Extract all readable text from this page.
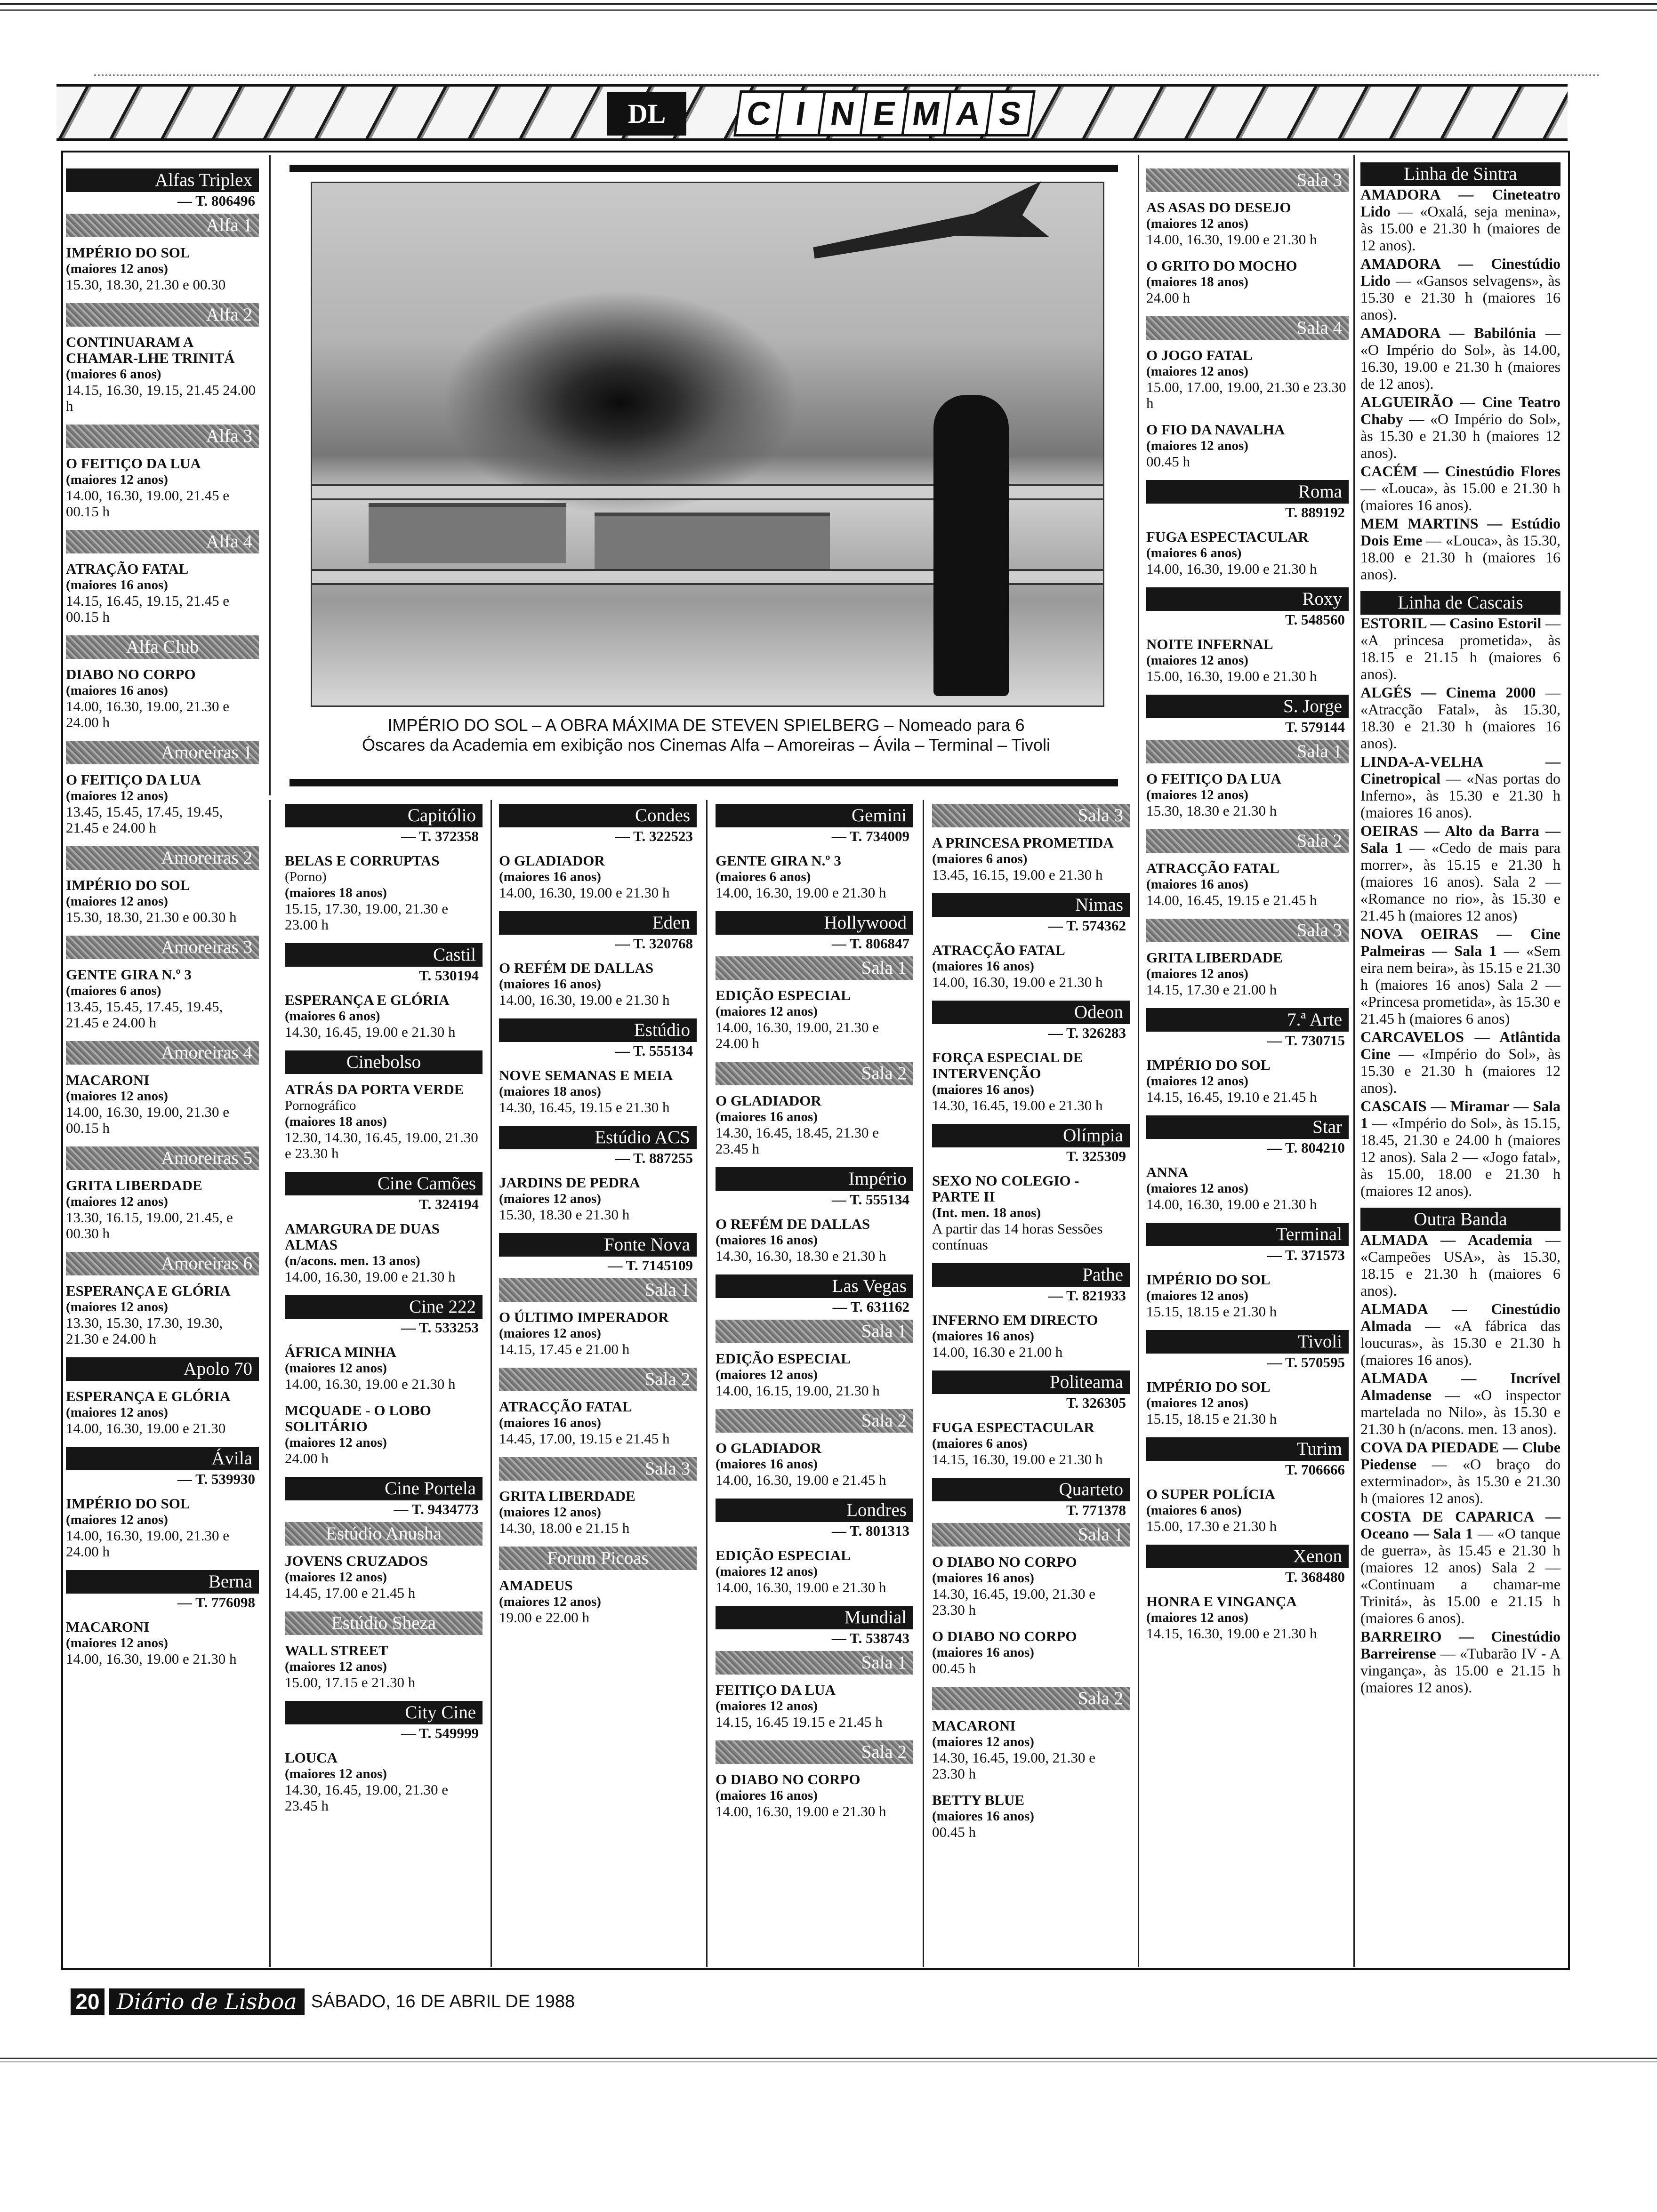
DL	C I N E M A S
IMPÉRIO DO SOL – A OBRA MÁXIMA DE STEVEN SPIELBERG – Nomeado para 6
Óscares da Academia em exibição nos Cinemas Alfa – Amoreiras – Ávila – Terminal – Tivoli
Alfas Triplex
— T. 806496
Alfa 1
IMPÉRIO DO SOL
(maiores 12 anos)
15.30, 18.30, 21.30 e 00.30
Alfa 2
CONTINUARAM A CHAMAR-LHE TRINITÁ
(maiores 6 anos)
14.15, 16.30, 19.15, 21.45 24.00 h
Alfa 3
O FEITIÇO DA LUA
(maiores 12 anos)
14.00, 16.30, 19.00, 21.45 e 00.15 h
Alfa 4
ATRAÇÃO FATAL
(maiores 16 anos)
14.15, 16.45, 19.15, 21.45 e 00.15 h
Alfa Club
DIABO NO CORPO
(maiores 16 anos)
14.00, 16.30, 19.00, 21.30 e 24.00 h
Amoreiras 1
O FEITIÇO DA LUA
(maiores 12 anos)
13.45, 15.45, 17.45, 19.45, 21.45 e 24.00 h
Amoreiras 2
IMPÉRIO DO SOL
(maiores 12 anos)
15.30, 18.30, 21.30 e 00.30 h
Amoreiras 3
GENTE GIRA N.º 3
(maiores 6 anos)
13.45, 15.45, 17.45, 19.45, 21.45 e 24.00 h
Amoreiras 4
MACARONI
(maiores 12 anos)
14.00, 16.30, 19.00, 21.30 e 00.15 h
Amoreiras 5
GRITA LIBERDADE
(maiores 12 anos)
13.30, 16.15, 19.00, 21.45, e 00.30 h
Amoreiras 6
ESPERANÇA E GLÓRIA
(maiores 12 anos)
13.30, 15.30, 17.30, 19.30, 21.30 e 24.00 h
Apolo 70
ESPERANÇA E GLÓRIA
(maiores 12 anos)
14.00, 16.30, 19.00 e 21.30
Ávila
— T. 539930
IMPÉRIO DO SOL
(maiores 12 anos)
14.00, 16.30, 19.00, 21.30 e 24.00 h
Berna
— T. 776098
MACARONI
(maiores 12 anos)
14.00, 16.30, 19.00 e 21.30 h
Capitólio
— T. 372358
BELAS E CORRUPTAS
(Porno)
(maiores 18 anos)
15.15, 17.30, 19.00, 21.30 e 23.00 h
Castil
T. 530194
ESPERANÇA E GLÓRIA
(maiores 6 anos)
14.30, 16.45, 19.00 e 21.30 h
Cinebolso
ATRÁS DA PORTA VERDE
Pornográfico
(maiores 18 anos)
12.30, 14.30, 16.45, 19.00, 21.30 e 23.30 h
Cine Camões
T. 324194
AMARGURA DE DUAS ALMAS
(n/acons. men. 13 anos)
14.00, 16.30, 19.00 e 21.30 h
Cine 222
— T. 533253
ÁFRICA MINHA
(maiores 12 anos)
14.00, 16.30, 19.00 e 21.30 h
MCQUADE - O LOBO SOLITÁRIO
(maiores 12 anos)
24.00 h
Cine Portela
— T. 9434773
Estúdio Anusha
JOVENS CRUZADOS
(maiores 12 anos)
14.45, 17.00 e 21.45 h
Estúdio Sheza
WALL STREET
(maiores 12 anos)
15.00, 17.15 e 21.30 h
City Cine
— T. 549999
LOUCA
(maiores 12 anos)
14.30, 16.45, 19.00, 21.30 e 23.45 h
Condes
— T. 322523
O GLADIADOR
(maiores 16 anos)
14.00, 16.30, 19.00 e 21.30 h
Eden
— T. 320768
O REFÉM DE DALLAS
(maiores 16 anos)
14.00, 16.30, 19.00 e 21.30 h
Estúdio
— T. 555134
NOVE SEMANAS E MEIA
(maiores 18 anos)
14.30, 16.45, 19.15 e 21.30 h
Estúdio ACS
— T. 887255
JARDINS DE PEDRA
(maiores 12 anos)
15.30, 18.30 e 21.30 h
Fonte Nova
— T. 7145109
Sala 1
O ÚLTIMO IMPERADOR
(maiores 12 anos)
14.15, 17.45 e 21.00 h
Sala 2
ATRACÇÃO FATAL
(maiores 16 anos)
14.45, 17.00, 19.15 e 21.45 h
Sala 3
GRITA LIBERDADE
(maiores 12 anos)
14.30, 18.00 e 21.15 h
Forum Picoas
AMADEUS
(maiores 12 anos)
19.00 e 22.00 h
Gemini
— T. 734009
GENTE GIRA N.º 3
(maiores 6 anos)
14.00, 16.30, 19.00 e 21.30 h
Hollywood
— T. 806847
Sala 1
EDIÇÃO ESPECIAL
(maiores 12 anos)
14.00, 16.30, 19.00, 21.30 e 24.00 h
Sala 2
O GLADIADOR
(maiores 16 anos)
14.30, 16.45, 18.45, 21.30 e 23.45 h
Império
— T. 555134
O REFÉM DE DALLAS
(maiores 16 anos)
14.30, 16.30, 18.30 e 21.30 h
Las Vegas
— T. 631162
Sala 1
EDIÇÃO ESPECIAL
(maiores 12 anos)
14.00, 16.15, 19.00, 21.30 h
Sala 2
O GLADIADOR
(maiores 16 anos)
14.00, 16.30, 19.00 e 21.45 h
Londres
— T. 801313
EDIÇÃO ESPECIAL
(maiores 12 anos)
14.00, 16.30, 19.00 e 21.30 h
Mundial
— T. 538743
Sala 1
FEITIÇO DA LUA
(maiores 12 anos)
14.15, 16.45 19.15 e 21.45 h
Sala 2
O DIABO NO CORPO
(maiores 16 anos)
14.00, 16.30, 19.00 e 21.30 h
Sala 3
A PRINCESA PROMETIDA
(maiores 6 anos)
13.45, 16.15, 19.00 e 21.30 h
Nimas
— T. 574362
ATRACÇÃO FATAL
(maiores 16 anos)
14.00, 16.30, 19.00 e 21.30 h
Odeon
— T. 326283
FORÇA ESPECIAL DE INTERVENÇÃO
(maiores 16 anos)
14.30, 16.45, 19.00 e 21.30 h
Olímpia
T. 325309
SEXO NO COLEGIO - PARTE II
(Int. men. 18 anos)
A partir das 14 horas Sessões contínuas
Pathe
— T. 821933
INFERNO EM DIRECTO
(maiores 16 anos)
14.00, 16.30 e 21.00 h
Politeama
T. 326305
FUGA ESPECTACULAR
(maiores 6 anos)
14.15, 16.30, 19.00 e 21.30 h
Quarteto
T. 771378
Sala 1
O DIABO NO CORPO
(maiores 16 anos)
14.30, 16.45, 19.00, 21.30 e 23.30 h
O DIABO NO CORPO
(maiores 16 anos)
00.45 h
Sala 2
MACARONI
(maiores 12 anos)
14.30, 16.45, 19.00, 21.30 e 23.30 h
BETTY BLUE
(maiores 16 anos)
00.45 h
Sala 3
AS ASAS DO DESEJO
(maiores 12 anos)
14.00, 16.30, 19.00 e 21.30 h
O GRITO DO MOCHO
(maiores 18 anos)
24.00 h
Sala 4
O JOGO FATAL
(maiores 12 anos)
15.00, 17.00, 19.00, 21.30 e 23.30 h
O FIO DA NAVALHA
(maiores 12 anos)
00.45 h
Roma
T. 889192
FUGA ESPECTACULAR
(maiores 6 anos)
14.00, 16.30, 19.00 e 21.30 h
Roxy
T. 548560
NOITE INFERNAL
(maiores 12 anos)
15.00, 16.30, 19.00 e 21.30 h
S. Jorge
T. 579144
Sala 1
O FEITIÇO DA LUA
(maiores 12 anos)
15.30, 18.30 e 21.30 h
Sala 2
ATRACÇÃO FATAL
(maiores 16 anos)
14.00, 16.45, 19.15 e 21.45 h
Sala 3
GRITA LIBERDADE
(maiores 12 anos)
14.15, 17.30 e 21.00 h
7.ª Arte
— T. 730715
IMPÉRIO DO SOL
(maiores 12 anos)
14.15, 16.45, 19.10 e 21.45 h
Star
— T. 804210
ANNA
(maiores 12 anos)
14.00, 16.30, 19.00 e 21.30 h
Terminal
— T. 371573
IMPÉRIO DO SOL
(maiores 12 anos)
15.15, 18.15 e 21.30 h
Tivoli
— T. 570595
IMPÉRIO DO SOL
(maiores 12 anos)
15.15, 18.15 e 21.30 h
Turim
T. 706666
O SUPER POLÍCIA
(maiores 6 anos)
15.00, 17.30 e 21.30 h
Xenon
T. 368480
HONRA E VINGANÇA
(maiores 12 anos)
14.15, 16.30, 19.00 e 21.30 h
Linha de Sintra

AMADORA — Cineteatro Lido — «Oxalá, seja menina», às 15.00 e 21.30 h (maiores de 12 anos).

AMADORA — Cinestúdio Lido — «Gansos selvagens», às 15.30 e 21.30 h (maiores 16 anos).

AMADORA — Babilónia — «O Império do Sol», às 14.00, 16.30, 19.00 e 21.30 h (maiores de 12 anos).

ALGUEIRÃO — Cine Teatro Chaby — «O Império do Sol», às 15.30 e 21.30 h (maiores 12 anos).

CACÉM — Cinestúdio Flores — «Louca», às 15.00 e 21.30 h (maiores 16 anos).

MEM MARTINS — Estúdio Dois Eme — «Louca», às 15.30, 18.00 e 21.30 h (maiores 16 anos).

Linha de Cascais

ESTORIL — Casino Estoril — «A princesa prometida», às 18.15 e 21.15 h (maiores 6 anos).

ALGÉS — Cinema 2000 — «Atracção Fatal», às 15.30, 18.30 e 21.30 h (maiores 16 anos).

LINDA-A-VELHA — Cinetropical — «Nas portas do Inferno», às 15.30 e 21.30 h (maiores 16 anos).

OEIRAS — Alto da Barra — Sala 1 — «Cedo de mais para morrer», às 15.15 e 21.30 h (maiores 16 anos). Sala 2 — «Romance no rio», às 15.30 e 21.45 h (maiores 12 anos)

NOVA OEIRAS — Cine Palmeiras — Sala 1 — «Sem eira nem beira», às 15.15 e 21.30 h (maiores 16 anos) Sala 2 — «Princesa prometida», às 15.30 e 21.45 h (maiores 6 anos)

CARCAVELOS — Atlântida Cine — «Império do Sol», às 15.30 e 21.30 h (maiores 12 anos).

CASCAIS — Miramar — Sala 1 — «Império do Sol», às 15.15, 18.45, 21.30 e 24.00 h (maiores 12 anos). Sala 2 — «Jogo fatal», às 15.00, 18.00 e 21.30 h (maiores 12 anos).

Outra Banda

ALMADA — Academia — «Campeões USA», às 15.30, 18.15 e 21.30 h (maiores 6 anos).

ALMADA — Cinestúdio Almada — «A fábrica das loucuras», às 15.30 e 21.30 h (maiores 16 anos).

ALMADA — Incrível Almadense — «O inspector martelada no Nilo», às 15.30 e 21.30 h (n/acons. men. 13 anos).

COVA DA PIEDADE — Clube Piedense — «O braço do exterminador», às 15.30 e 21.30 h (maiores 12 anos).

COSTA DE CAPARICA — Oceano — Sala 1 — «O tanque de guerra», às 15.45 e 21.30 h (maiores 12 anos) Sala 2 — «Continuam a chamar-me Trinitá», às 15.00 e 21.15 h (maiores 6 anos).

BARREIRO — Cinestúdio Barreirense — «Tubarão IV - A vingança», às 15.00 e 21.15 h (maiores 12 anos).

20 Diário de Lisboa SÁBADO, 16 DE ABRIL DE 1988
